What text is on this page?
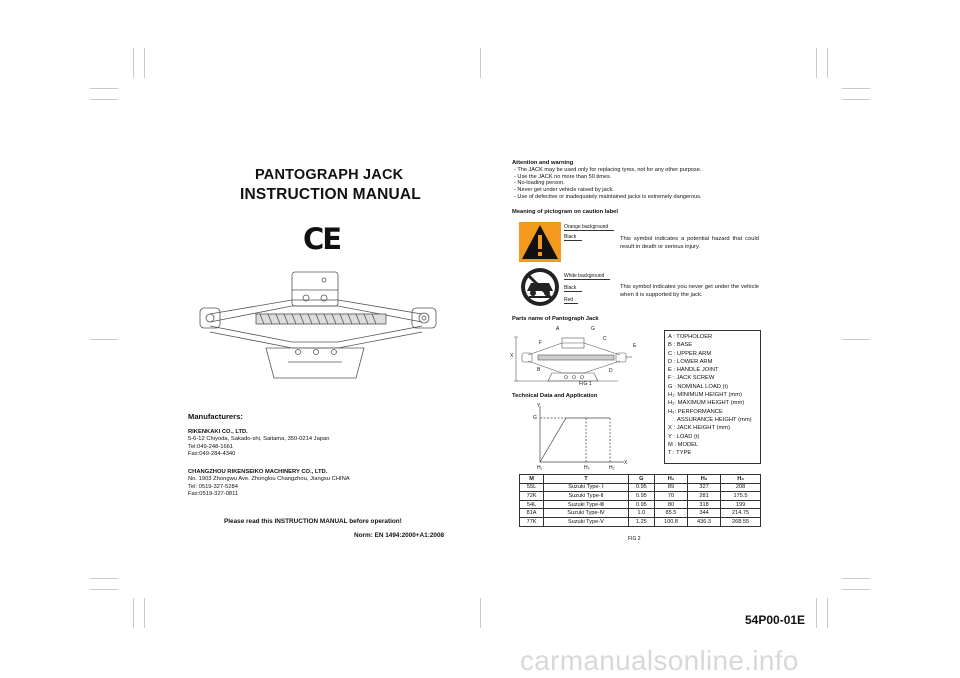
PANTOGRAPH JACK
INSTRUCTION MANUAL
CE
Manufacturers:
RIKENKAKI CO., LTD.
5-6-12 Chiyoda, Sakado-shi, Saitama, 350-0214 Japan
Tel:049-248-1661
Fax:049-284-4340
CHANGZHOU RIKENSEIKO MACHINERY CO., LTD.
No. 1903 Zhongwu Ave. Zhonglou Changzhou, Jiangsu CHINA
Tel: 0519-327-5284
Fax:0519-327-0811
Please read this INSTRUCTION MANUAL before operation!
Norm: EN 1494:2000+A1:2008
Attention and warning
- The JACK may be used only for replacing tyres, not for any other purpose.
- Use the JACK no more than 50 times.
- No-loading person.
- Never get under vehicle raised by jack.
- Use of defective or inadequately maintained jacks is extremely dangerous.
Meaning of pictogram on caution label
Orange background
Black	This symbol indicates a potential hazard that could result in death or serious injury.
White background
Black
Red
This symbol indicates you never get under the vehicle when it is supported by the jack.
Parts name of Pantograph Jack
A	G
C
E
F
X
B	D
FIG 1
A : TOPHOLDER
B : BASE
C : UPPER ARM
D : LOWER ARM
E : HANDLE JOINT
F : JACK SCREW
G : NOMINAL LOAD (t)
H₁: MINIMUM HEIGHT (mm)
H₂: MAXIMUM HEIGHT (mm)
H₃: PERFORMANCE
ASSURANCE HEIGHT (mm)
X : JACK HEIGHT (mm)
Y : LOAD (t)
M : MODEL
T : TYPE
Technical Data and Application
Y
G
X
H₁	H₃	H₂
M	T	G	H₁	H₂	H₃
55L	Suzuki Type- Ⅰ	0.95	89	327	208
72K	Suzuki Type-Ⅱ	0.95	70	281	175.5
54L	Suzuki Type-Ⅲ	0.95	80	318	199
81A	Suzuki Type-Ⅳ	1.0	85.5	344	214.75
77K	Suzuki Type-Ⅴ	1.25	100.8	436.3	268.55
FIG 2
54P00-01E
carmanualsonline.info
